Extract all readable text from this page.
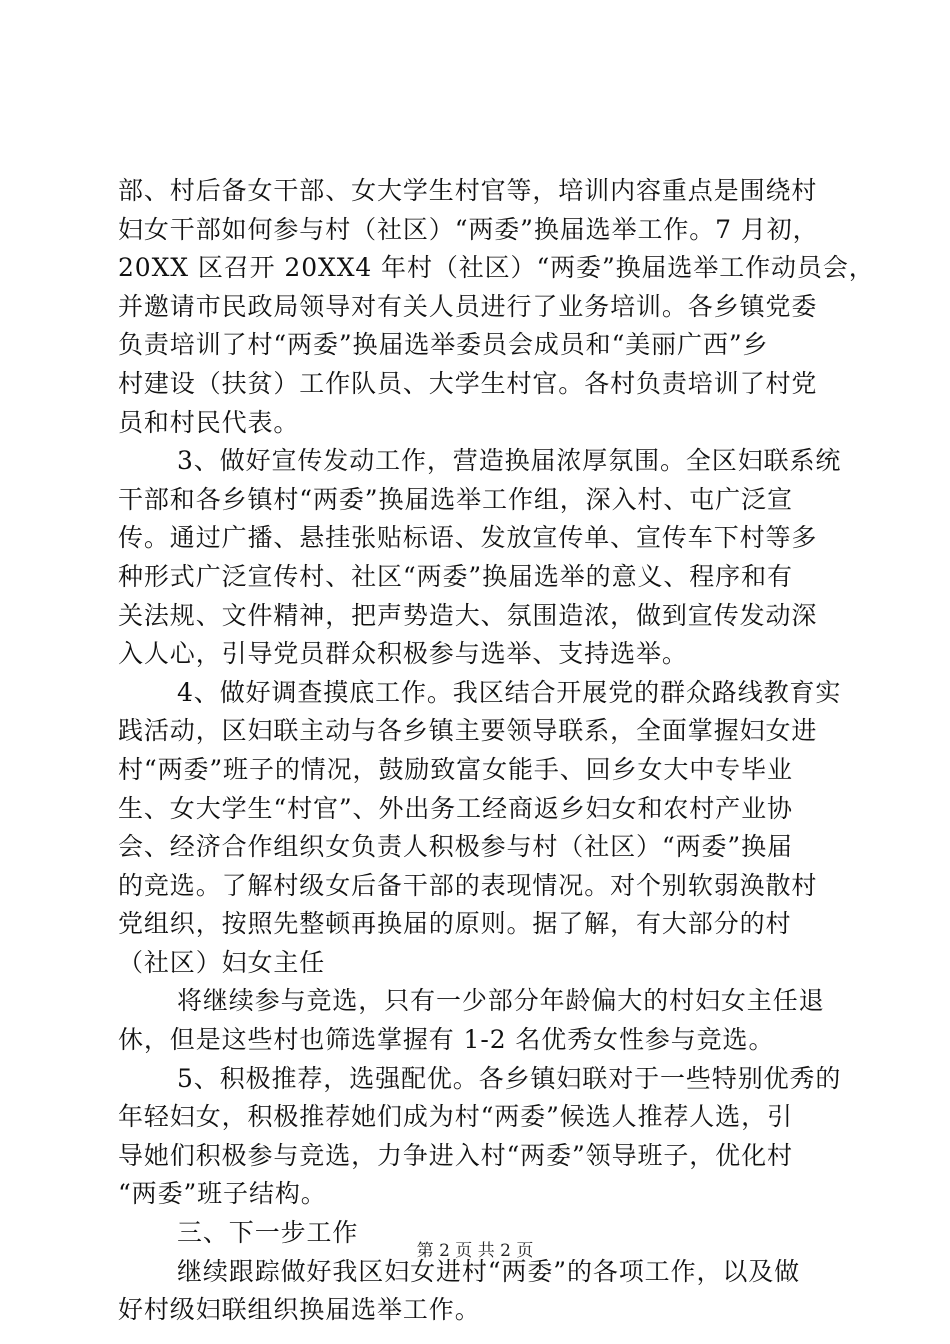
部、村后备女干部、女大学生村官等，培训内容重点是围绕村
妇女干部如何参与村（社区）“两委”换届选举工作。7 月初，
20XX 区召开 20XX4 年村（社区）“两委”换届选举工作动员会，
并邀请市民政局领导对有关人员进行了业务培训。各乡镇党委
负责培训了村“两委”换届选举委员会成员和“美丽广西”乡
村建设（扶贫）工作队员、大学生村官。各村负责培训了村党
员和村民代表。
3、做好宣传发动工作，营造换届浓厚氛围。全区妇联系统
干部和各乡镇村“两委”换届选举工作组，深入村、屯广泛宣
传。通过广播、悬挂张贴标语、发放宣传单、宣传车下村等多
种形式广泛宣传村、社区“两委”换届选举的意义、程序和有
关法规、文件精神，把声势造大、氛围造浓，做到宣传发动深
入人心，引导党员群众积极参与选举、支持选举。
4、做好调查摸底工作。我区结合开展党的群众路线教育实
践活动，区妇联主动与各乡镇主要领导联系，全面掌握妇女进
村“两委”班子的情况，鼓励致富女能手、回乡女大中专毕业
生、女大学生“村官”、外出务工经商返乡妇女和农村产业协
会、经济合作组织女负责人积极参与村（社区）“两委”换届
的竞选。了解村级女后备干部的表现情况。对个别软弱涣散村
党组织，按照先整顿再换届的原则。据了解，有大部分的村
（社区）妇女主任
将继续参与竞选，只有一少部分年龄偏大的村妇女主任退
休，但是这些村也筛选掌握有 1-2 名优秀女性参与竞选。
5、积极推荐，选强配优。各乡镇妇联对于一些特别优秀的
年轻妇女，积极推荐她们成为村“两委”候选人推荐人选，引
导她们积极参与竞选，力争进入村“两委”领导班子，优化村
“两委”班子结构。
三、下一步工作
继续跟踪做好我区妇女进村“两委”的各项工作，以及做
好村级妇联组织换届选举工作。
第 2 页 共 2 页
